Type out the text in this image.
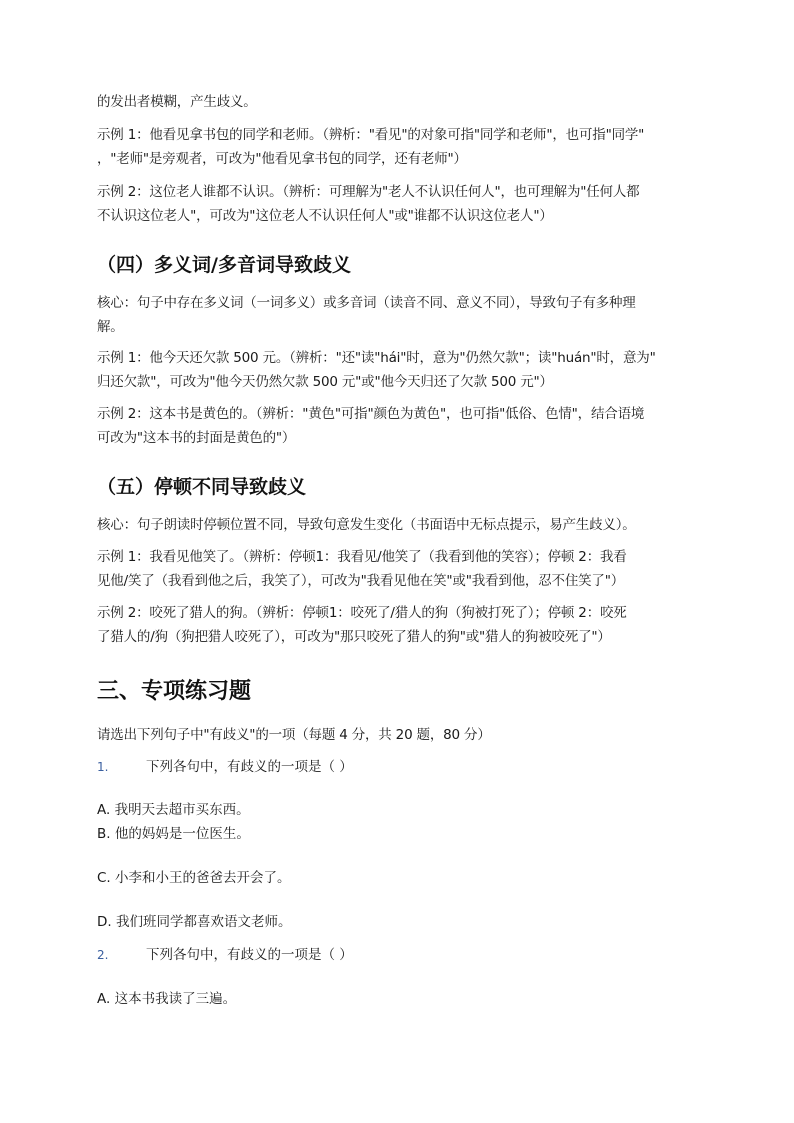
的发出者模糊，产生歧义。

示例 1：他看见拿书包的同学和老师。（辨析："看见"的对象可指"同学和老师"，也可指"同学"

，"老师"是旁观者，可改为"他看见拿书包的同学，还有老师"）

示例 2：这位老人谁都不认识。（辨析：可理解为"老人不认识任何人"，也可理解为"任何人都

不认识这位老人"，可改为"这位老人不认识任何人"或"谁都不认识这位老人"）

（四）多义词/多音词导致歧义

核心：句子中存在多义词（一词多义）或多音词（读音不同、意义不同），导致句子有多种理

解。

示例 1：他今天还欠款 500 元。（辨析："还"读"hái"时，意为"仍然欠款"；读"huán"时，意为"

归还欠款"，可改为"他今天仍然欠款 500 元"或"他今天归还了欠款 500 元"）

示例 2：这本书是黄色的。（辨析："黄色"可指"颜色为黄色"，也可指"低俗、色情"，结合语境

可改为"这本书的封面是黄色的"）

（五）停顿不同导致歧义

核心：句子朗读时停顿位置不同，导致句意发生变化（书面语中无标点提示，易产生歧义）。

示例 1：我看见他笑了。（辨析：停顿1：我看见/他笑了（我看到他的笑容）；停顿 2：我看

见他/笑了（我看到他之后，我笑了），可改为"我看见他在笑"或"我看到他，忍不住笑了"）

示例 2：咬死了猎人的狗。（辨析：停顿1：咬死了/猎人的狗（狗被打死了）；停顿 2：咬死

了猎人的/狗（狗把猎人咬死了），可改为"那只咬死了猎人的狗"或"猎人的狗被咬死了"）

三、专项练习题

请选出下列句子中"有歧义"的一项（每题 4 分，共 20 题，80 分）

1.	下列各句中，有歧义的一项是（ ）
A. 我明天去超市买东西。
B. 他的妈妈是一位医生。
C. 小李和小王的爸爸去开会了。
D. 我们班同学都喜欢语文老师。
2.	下列各句中，有歧义的一项是（ ）
A. 这本书我读了三遍。
